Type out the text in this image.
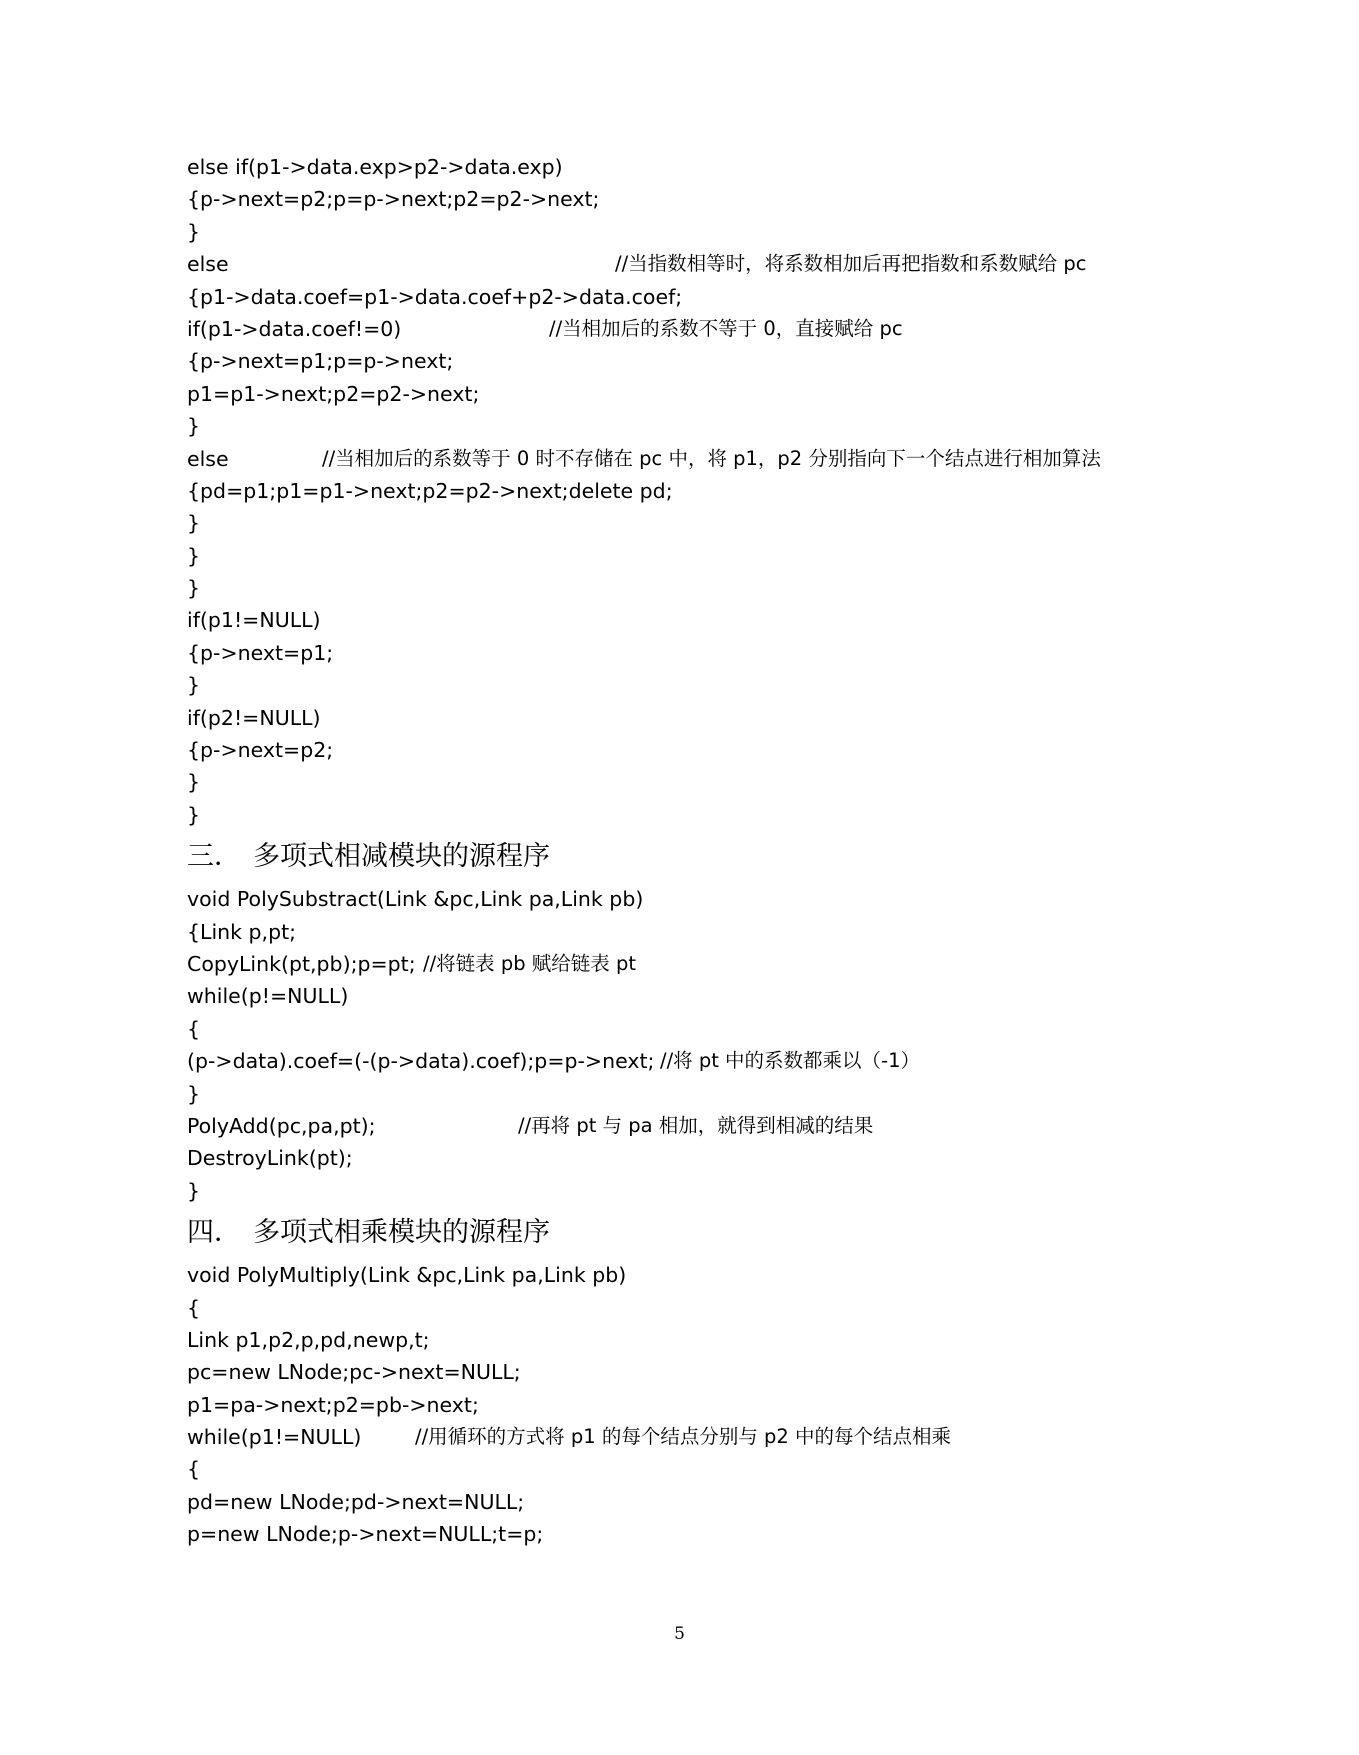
else if(p1->data.exp>p2->data.exp)
{p->next=p2;p=p->next;p2=p2->next;
}
else	//当指数相等时，将系数相加后再把指数和系数赋给 pc
{p1->data.coef=p1->data.coef+p2->data.coef;
if(p1->data.coef!=0)	//当相加后的系数不等于 0，直接赋给 pc
{p->next=p1;p=p->next;
p1=p1->next;p2=p2->next;
}
else	//当相加后的系数等于 0 时不存储在 pc 中，将 p1，p2 分别指向下一个结点进行相加算法
{pd=p1;p1=p1->next;p2=p2->next;delete pd;
}
}
}
if(p1!=NULL)
{p->next=p1;
}
if(p2!=NULL)
{p->next=p2;
}
}
三． 多项式相减模块的源程序
void PolySubstract(Link &pc,Link pa,Link pb)
{Link p,pt;
CopyLink(pt,pb);p=pt; //将链表 pb 赋给链表 pt
while(p!=NULL)
{
(p->data).coef=(-(p->data).coef);p=p->next; //将 pt 中的系数都乘以（-1）
}
PolyAdd(pc,pa,pt);	//再将 pt 与 pa 相加，就得到相减的结果
DestroyLink(pt);
}
四． 多项式相乘模块的源程序
void PolyMultiply(Link &pc,Link pa,Link pb)
{
Link p1,p2,p,pd,newp,t;
pc=new LNode;pc->next=NULL;
p1=pa->next;p2=pb->next;
while(p1!=NULL)	//用循环的方式将 p1 的每个结点分别与 p2 中的每个结点相乘
{
pd=new LNode;pd->next=NULL;
p=new LNode;p->next=NULL;t=p;
5
